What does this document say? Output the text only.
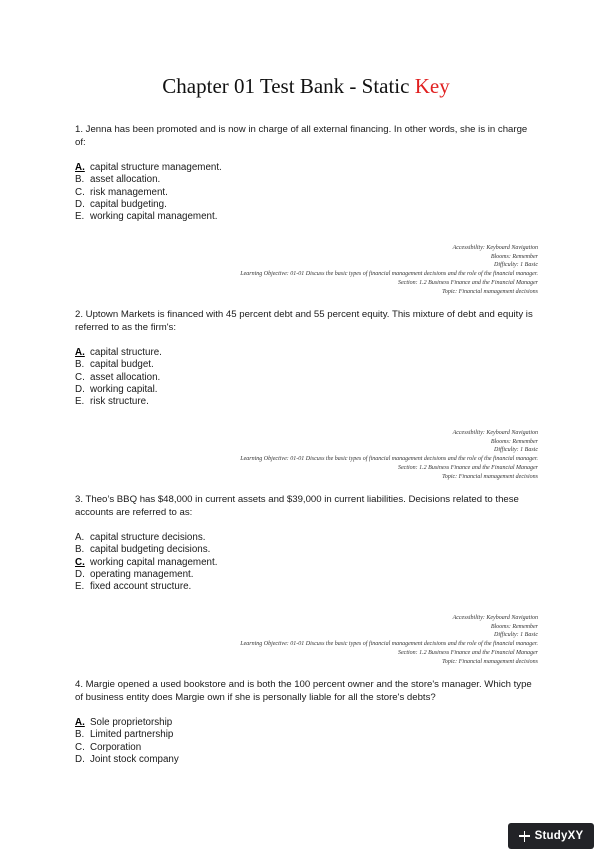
Chapter 01 Test Bank - Static Key

1. Jenna has been promoted and is now in charge of all external financing. In other words, she is in charge of:

A. capital structure management.
B. asset allocation.
C. risk management.
D. capital budgeting.
E. working capital management.
Accessibility: Keyboard Navigation
Blooms: Remember
Difficulty: 1 Basic
Learning Objective: 01-01 Discuss the basic types of financial management decisions and the role of the financial manager.
Section: 1.2 Business Finance and the Financial Manager
Topic: Financial management decisions

2. Uptown Markets is financed with 45 percent debt and 55 percent equity. This mixture of debt and equity is referred to as the firm's:

A. capital structure.
B. capital budget.
C. asset allocation.
D. working capital.
E. risk structure.
Accessibility: Keyboard Navigation
Blooms: Remember
Difficulty: 1 Basic
Learning Objective: 01-01 Discuss the basic types of financial management decisions and the role of the financial manager.
Section: 1.2 Business Finance and the Financial Manager
Topic: Financial management decisions

3. Theo’s BBQ has $48,000 in current assets and $39,000 in current liabilities. Decisions related to these accounts are referred to as:

A. capital structure decisions.
B. capital budgeting decisions.
C. working capital management.
D. operating management.
E. fixed account structure.
Accessibility: Keyboard Navigation
Blooms: Remember
Difficulty: 1 Basic
Learning Objective: 01-01 Discuss the basic types of financial management decisions and the role of the financial manager.
Section: 1.2 Business Finance and the Financial Manager
Topic: Financial management decisions

4. Margie opened a used bookstore and is both the 100 percent owner and the store's manager. Which type of business entity does Margie own if she is personally liable for all the store's debts?

A. Sole proprietorship
B. Limited partnership
C. Corporation
D. Joint stock company
StudyXY
